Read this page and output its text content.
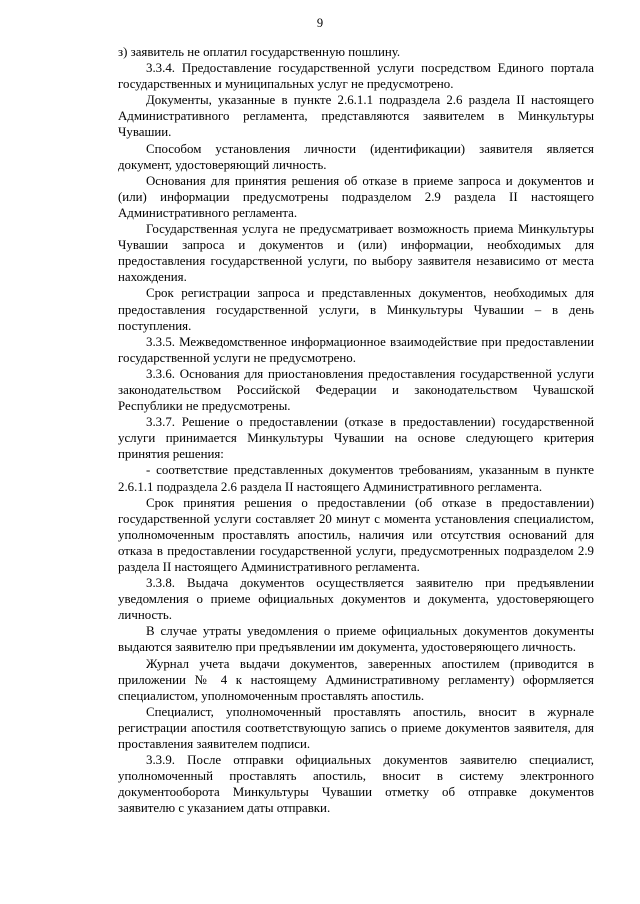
9

з) заявитель не оплатил государственную пошлину.

3.3.4. Предоставление государственной услуги посредством Единого портала государственных и муниципальных услуг не предусмотрено.

Документы, указанные в пункте 2.6.1.1 подраздела 2.6 раздела II настоящего Административного регламента, представляются заявителем в Минкультуры Чувашии.

Способом установления личности (идентификации) заявителя является документ, удостоверяющий личность.

Основания для принятия решения об отказе в приеме запроса и документов и (или) информации предусмотрены подразделом 2.9 раздела II настоящего Административного регламента.

Государственная услуга не предусматривает возможность приема Минкультуры Чувашии запроса и документов и (или) информации, необходимых для предоставления государственной услуги, по выбору заявителя независимо от места нахождения.

Срок регистрации запроса и представленных документов, необходимых для предоставления государственной услуги, в Минкультуры Чувашии – в день поступления.

3.3.5. Межведомственное информационное взаимодействие при предоставлении государственной услуги не предусмотрено.

3.3.6. Основания для приостановления предоставления государственной услуги законодательством Российской Федерации и законодательством Чувашской Республики не предусмотрены.

3.3.7. Решение о предоставлении (отказе в предоставлении) государственной услуги принимается Минкультуры Чувашии на основе следующего критерия принятия решения:

- соответствие представленных документов требованиям, указанным в пункте 2.6.1.1 подраздела 2.6 раздела II настоящего Административного регламента.

Срок принятия решения о предоставлении (об отказе в предоставлении) государственной услуги составляет 20 минут с момента установления специалистом, уполномоченным проставлять апостиль, наличия или отсутствия оснований для отказа в предоставлении государственной услуги, предусмотренных подразделом 2.9 раздела II настоящего Административного регламента.

3.3.8. Выдача документов осуществляется заявителю при предъявлении уведомления о приеме официальных документов и документа, удостоверяющего личность.

В случае утраты уведомления о приеме официальных документов документы выдаются заявителю при предъявлении им документа, удостоверяющего личность.

Журнал учета выдачи документов, заверенных апостилем (приводится в приложении № 4 к настоящему Административному регламенту) оформляется специалистом, уполномоченным проставлять апостиль.

Специалист, уполномоченный проставлять апостиль, вносит в журнале регистрации апостиля соответствующую запись о приеме документов заявителя, для проставления заявителем подписи.

3.3.9. После отправки официальных документов заявителю специалист, уполномоченный проставлять апостиль, вносит в систему электронного документооборота Минкультуры Чувашии отметку об отправке документов заявителю с указанием даты отправки.
